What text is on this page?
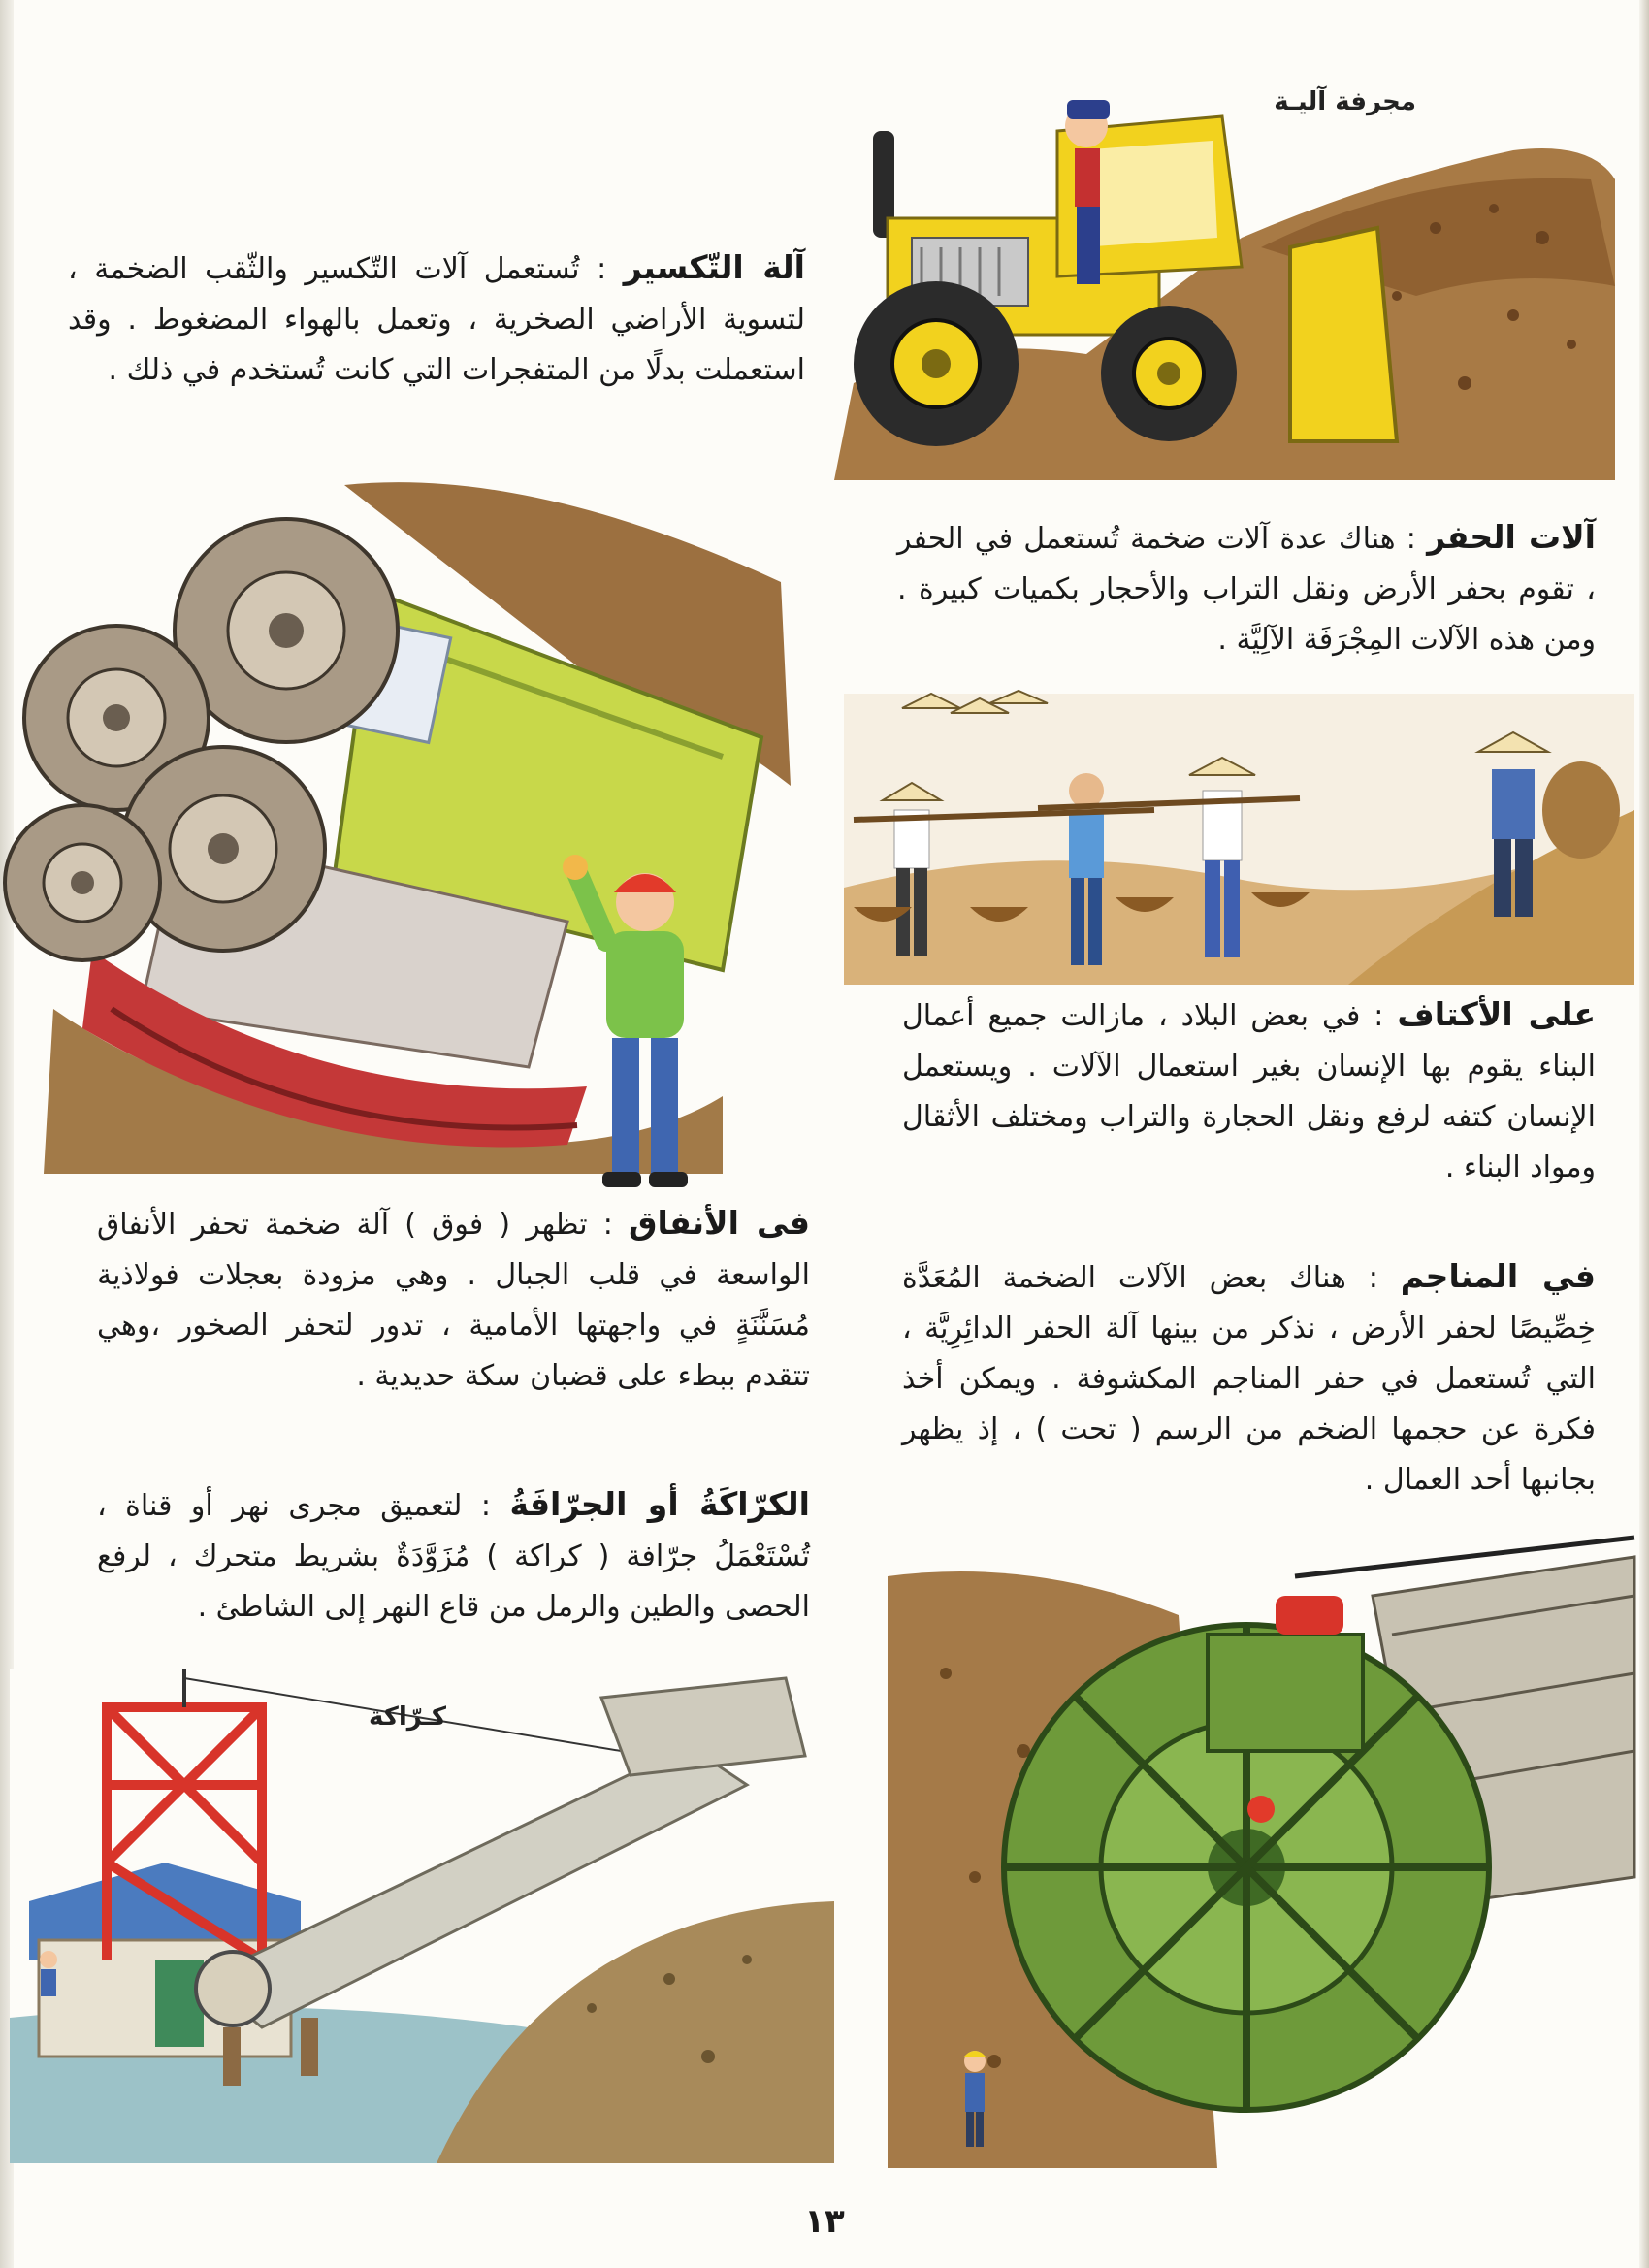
مجرفة آليـة

آلة التّكسير : تُستعمل آلات التّكسير والثّقب الضخمة ، لتسوية الأراضي الصخرية ، وتعمل بالهواء المضغوط . وقد استعملت بدلًا من المتفجرات التي كانت تُستخدم في ذلك .

آلات الحفر : هناك عدة آلات ضخمة تُستعمل في الحفر ، تقوم بحفر الأرض ونقل التراب والأحجار بكميات كبيرة . ومن هذه الآلات المِجْرَفَة الآلِيَّة .

على الأكتاف : في بعض البلاد ، مازالت جميع أعمال البناء يقوم بها الإنسان بغير استعمال الآلات . ويستعمل الإنسان كتفه لرفع ونقل الحجارة والتراب ومختلف الأثقال ومواد البناء .

فى الأنفاق : تظهر ( فوق ) آلة ضخمة تحفر الأنفاق الواسعة في قلب الجبال . وهي مزودة بعجلات فولاذية مُسَنَّنَةٍ في واجهتها الأمامية ، تدور لتحفر الصخور ،وهي تتقدم ببطء على قضبان سكة حديدية .

في المناجم : هناك بعض الآلات الضخمة المُعَدَّة خِصِّيصًا لحفر الأرض ، نذكر من بينها آلة الحفر الدائِرِيَّة ، التي تُستعمل في حفر المناجم المكشوفة . ويمكن أخذ فكرة عن حجمها الضخم من الرسم ( تحت ) ، إذ يظهر بجانبها أحد العمال .

الكرّاكَةُ أو الجرّافَةُ : لتعميق مجرى نهر أو قناة ، تُسْتَعْمَلُ جرّافة ( كراكة ) مُزَوَّدَةٌ بشريط متحرك ، لرفع الحصى والطين والرمل من قاع النهر إلى الشاطئ .

كـرّاكة
١٣
